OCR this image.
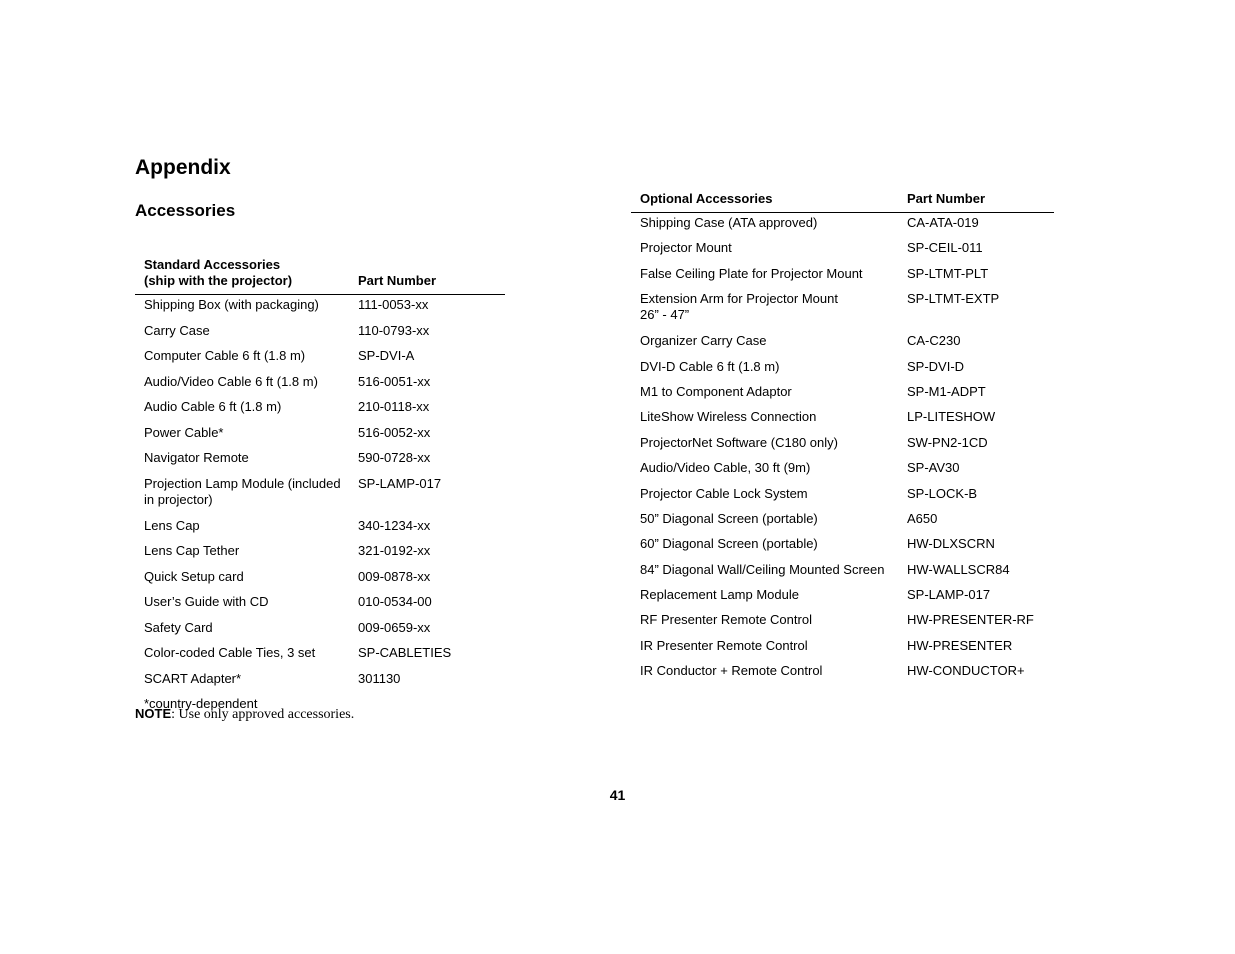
Appendix
Accessories
Standard Accessories
(ship with the projector)	Part Number
Shipping Box (with packaging)	111-0053-xx
Carry Case	110-0793-xx
Computer Cable 6 ft (1.8 m)	SP-DVI-A
Audio/Video Cable 6 ft (1.8 m)	516-0051-xx
Audio Cable 6 ft (1.8 m)	210-0118-xx
Power Cable*	516-0052-xx
Navigator Remote	590-0728-xx
Projection Lamp Module (included in projector)	SP-LAMP-017
Lens Cap	340-1234-xx
Lens Cap Tether	321-0192-xx
Quick Setup card	009-0878-xx
User’s Guide with CD	010-0534-00
Safety Card	009-0659-xx
Color-coded Cable Ties, 3 set	SP-CABLETIES
SCART Adapter*	301130
*country-dependent	
Optional Accessories	Part Number
Shipping Case (ATA approved)	CA-ATA-019
Projector Mount	SP-CEIL-011
False Ceiling Plate for Projector Mount	SP-LTMT-PLT
Extension Arm for Projector Mount
26” - 47”	SP-LTMT-EXTP
Organizer Carry Case	CA-C230
DVI-D Cable 6 ft (1.8 m)	SP-DVI-D
M1 to Component Adaptor	SP-M1-ADPT
LiteShow Wireless Connection	LP-LITESHOW
ProjectorNet Software (C180 only)	SW-PN2-1CD
Audio/Video Cable, 30 ft (9m)	SP-AV30
Projector Cable Lock System	SP-LOCK-B
50” Diagonal Screen (portable)	A650
60” Diagonal Screen (portable)	HW-DLXSCRN
84” Diagonal Wall/Ceiling Mounted Screen	HW-WALLSCR84
Replacement Lamp Module	SP-LAMP-017
RF Presenter Remote Control	HW-PRESENTER-RF
IR Presenter Remote Control	HW-PRESENTER
IR Conductor + Remote Control	HW-CONDUCTOR+

NOTE: Use only approved accessories.

41
